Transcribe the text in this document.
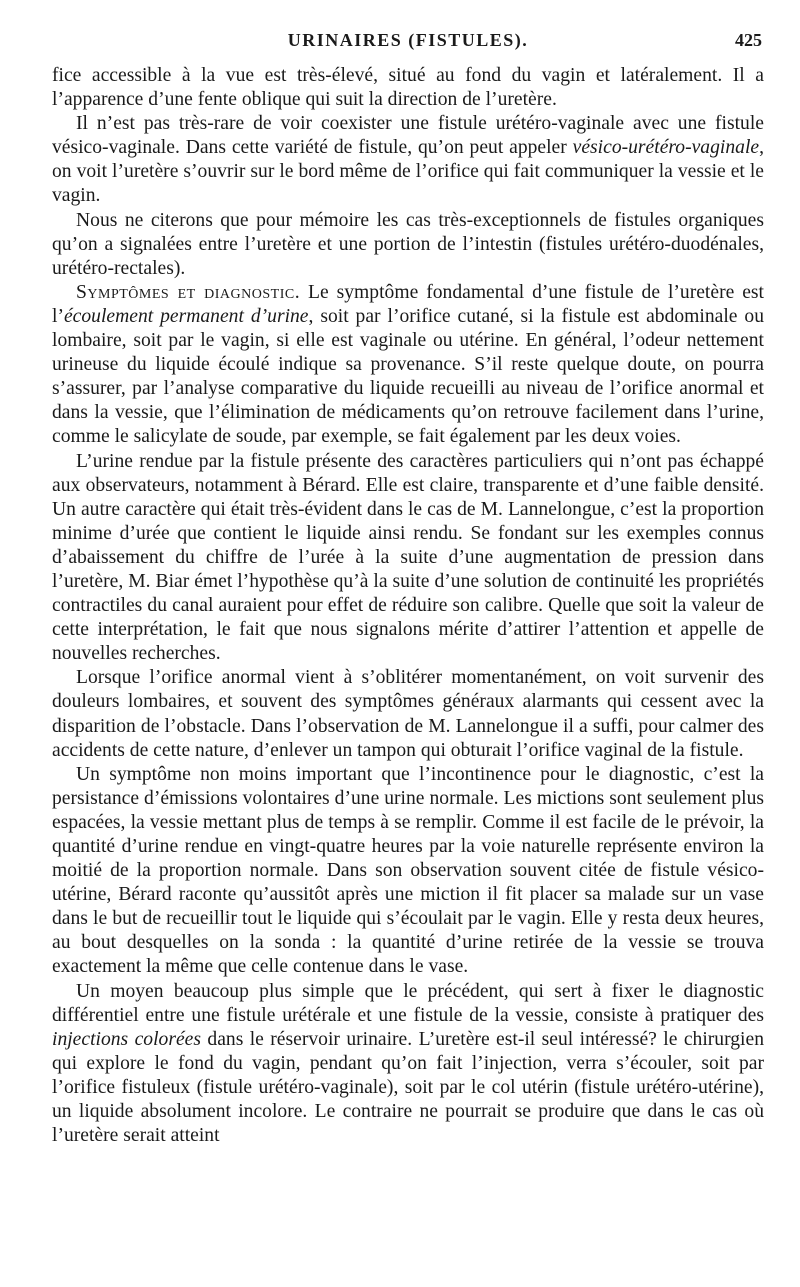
URINAIRES (FISTULES).	425

fice accessible à la vue est très-élevé, situé au fond du vagin et latéralement. Il a l’apparence d’une fente oblique qui suit la direction de l’uretère.

Il n’est pas très-rare de voir coexister une fistule urétéro-vaginale avec une fistule vésico-vaginale. Dans cette variété de fistule, qu’on peut appeler vésico-urétéro-vaginale, on voit l’uretère s’ouvrir sur le bord même de l’orifice qui fait communiquer la vessie et le vagin.

Nous ne citerons que pour mémoire les cas très-exceptionnels de fistules organiques qu’on a signalées entre l’uretère et une portion de l’intestin (fistules urétéro-duodénales, urétéro-rectales).

Symptômes et diagnostic. Le symptôme fondamental d’une fistule de l’uretère est l’écoulement permanent d’urine, soit par l’orifice cutané, si la fistule est abdominale ou lombaire, soit par le vagin, si elle est vaginale ou utérine. En général, l’odeur nettement urineuse du liquide écoulé indique sa provenance. S’il reste quelque doute, on pourra s’assurer, par l’analyse comparative du liquide recueilli au niveau de l’orifice anormal et dans la vessie, que l’élimination de médicaments qu’on retrouve facilement dans l’urine, comme le salicylate de soude, par exemple, se fait également par les deux voies.

L’urine rendue par la fistule présente des caractères particuliers qui n’ont pas échappé aux observateurs, notamment à Bérard. Elle est claire, transparente et d’une faible densité. Un autre caractère qui était très-évident dans le cas de M. Lannelongue, c’est la proportion minime d’urée que contient le liquide ainsi rendu. Se fondant sur les exemples connus d’abaissement du chiffre de l’urée à la suite d’une augmentation de pression dans l’uretère, M. Biar émet l’hypothèse qu’à la suite d’une solution de continuité les propriétés contractiles du canal auraient pour effet de réduire son calibre. Quelle que soit la valeur de cette interprétation, le fait que nous signalons mérite d’attirer l’attention et appelle de nouvelles recherches.

Lorsque l’orifice anormal vient à s’oblitérer momentanément, on voit survenir des douleurs lombaires, et souvent des symptômes généraux alarmants qui cessent avec la disparition de l’obstacle. Dans l’observation de M. Lannelongue il a suffi, pour calmer des accidents de cette nature, d’enlever un tampon qui obturait l’orifice vaginal de la fistule.

Un symptôme non moins important que l’incontinence pour le diagnostic, c’est la persistance d’émissions volontaires d’une urine normale. Les mictions sont seulement plus espacées, la vessie mettant plus de temps à se remplir. Comme il est facile de le prévoir, la quantité d’urine rendue en vingt-quatre heures par la voie naturelle représente environ la moitié de la proportion normale. Dans son observation souvent citée de fistule vésico-utérine, Bérard raconte qu’aussitôt après une miction il fit placer sa malade sur un vase dans le but de recueillir tout le liquide qui s’écoulait par le vagin. Elle y resta deux heures, au bout desquelles on la sonda : la quantité d’urine retirée de la vessie se trouva exactement la même que celle contenue dans le vase.

Un moyen beaucoup plus simple que le précédent, qui sert à fixer le diagnostic différentiel entre une fistule urétérale et une fistule de la vessie, consiste à pratiquer des injections colorées dans le réservoir urinaire. L’uretère est-il seul intéressé? le chirurgien qui explore le fond du vagin, pendant qu’on fait l’injection, verra s’écouler, soit par l’orifice fistuleux (fistule urétéro-vaginale), soit par le col utérin (fistule urétéro-utérine), un liquide absolument incolore. Le contraire ne pourrait se produire que dans le cas où l’uretère serait atteint
